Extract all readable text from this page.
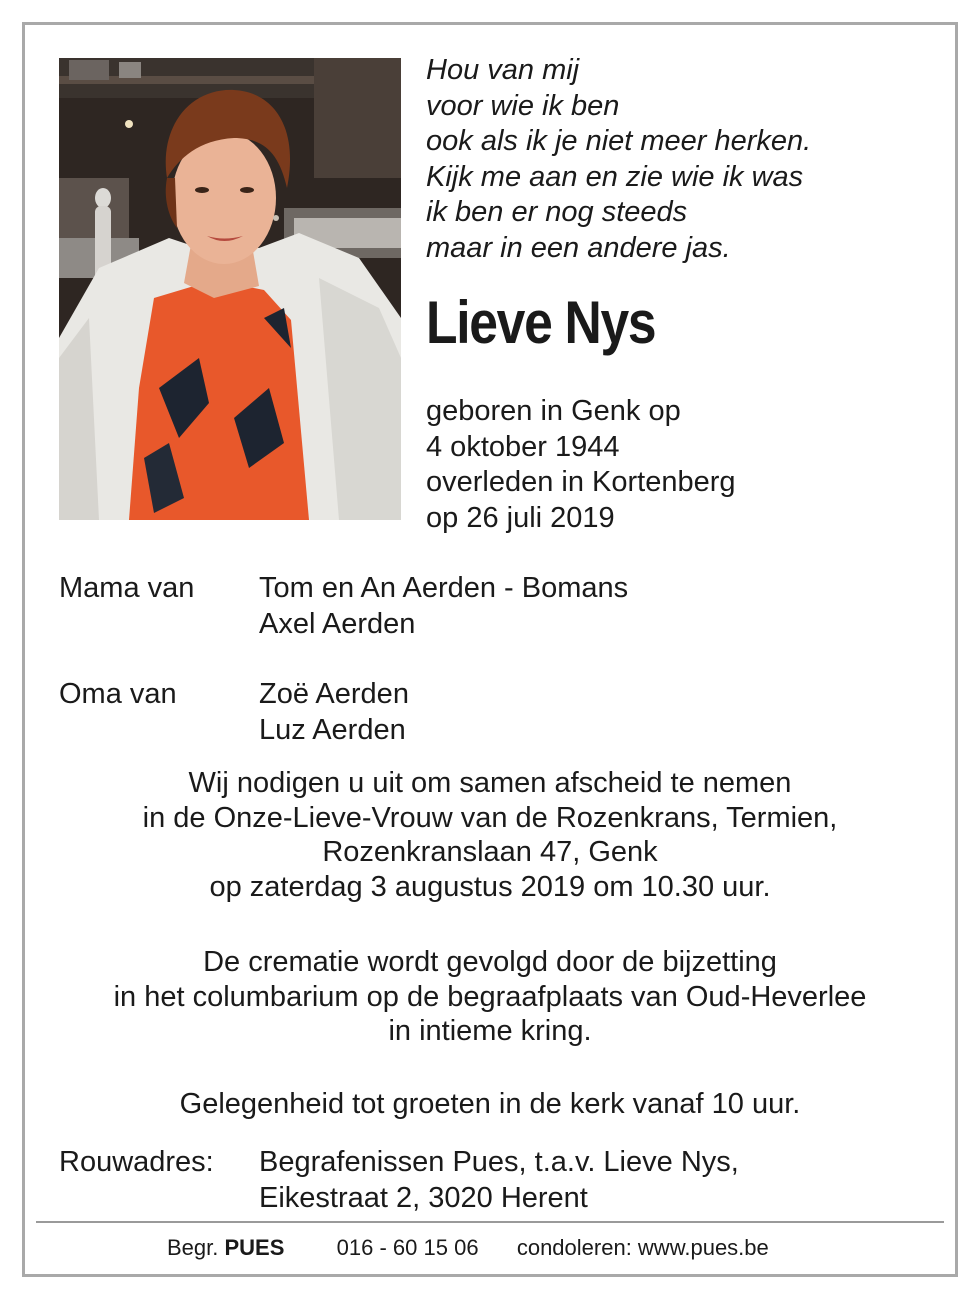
Hou van mij
voor wie ik ben
ook als ik je niet meer herken.
Kijk me aan en zie wie ik was
ik ben er nog steeds
maar in een andere jas.
Lieve Nys
geboren in Genk op
4 oktober 1944
overleden in Kortenberg
op 26 juli 2019
Mama van Tom en An Aerden - Bomans
Axel Aerden
Oma van	Zoë Aerden
Luz Aerden
Wij nodigen u uit om samen afscheid te nemen
in de Onze-Lieve-Vrouw van de Rozenkrans, Termien,
Rozenkranslaan 47, Genk
op zaterdag 3 augustus 2019 om 10.30 uur.
De crematie wordt gevolgd door de bijzetting
in het columbarium op de begraafplaats van Oud-Heverlee
in intieme kring.
Gelegenheid tot groeten in de kerk vanaf 10 uur.
Rouwadres: Begrafenissen Pues, t.a.v. Lieve Nys,
Eikestraat 2, 3020 Herent
Begr. PUES 016 - 60 15 06 condoleren: www.pues.be
